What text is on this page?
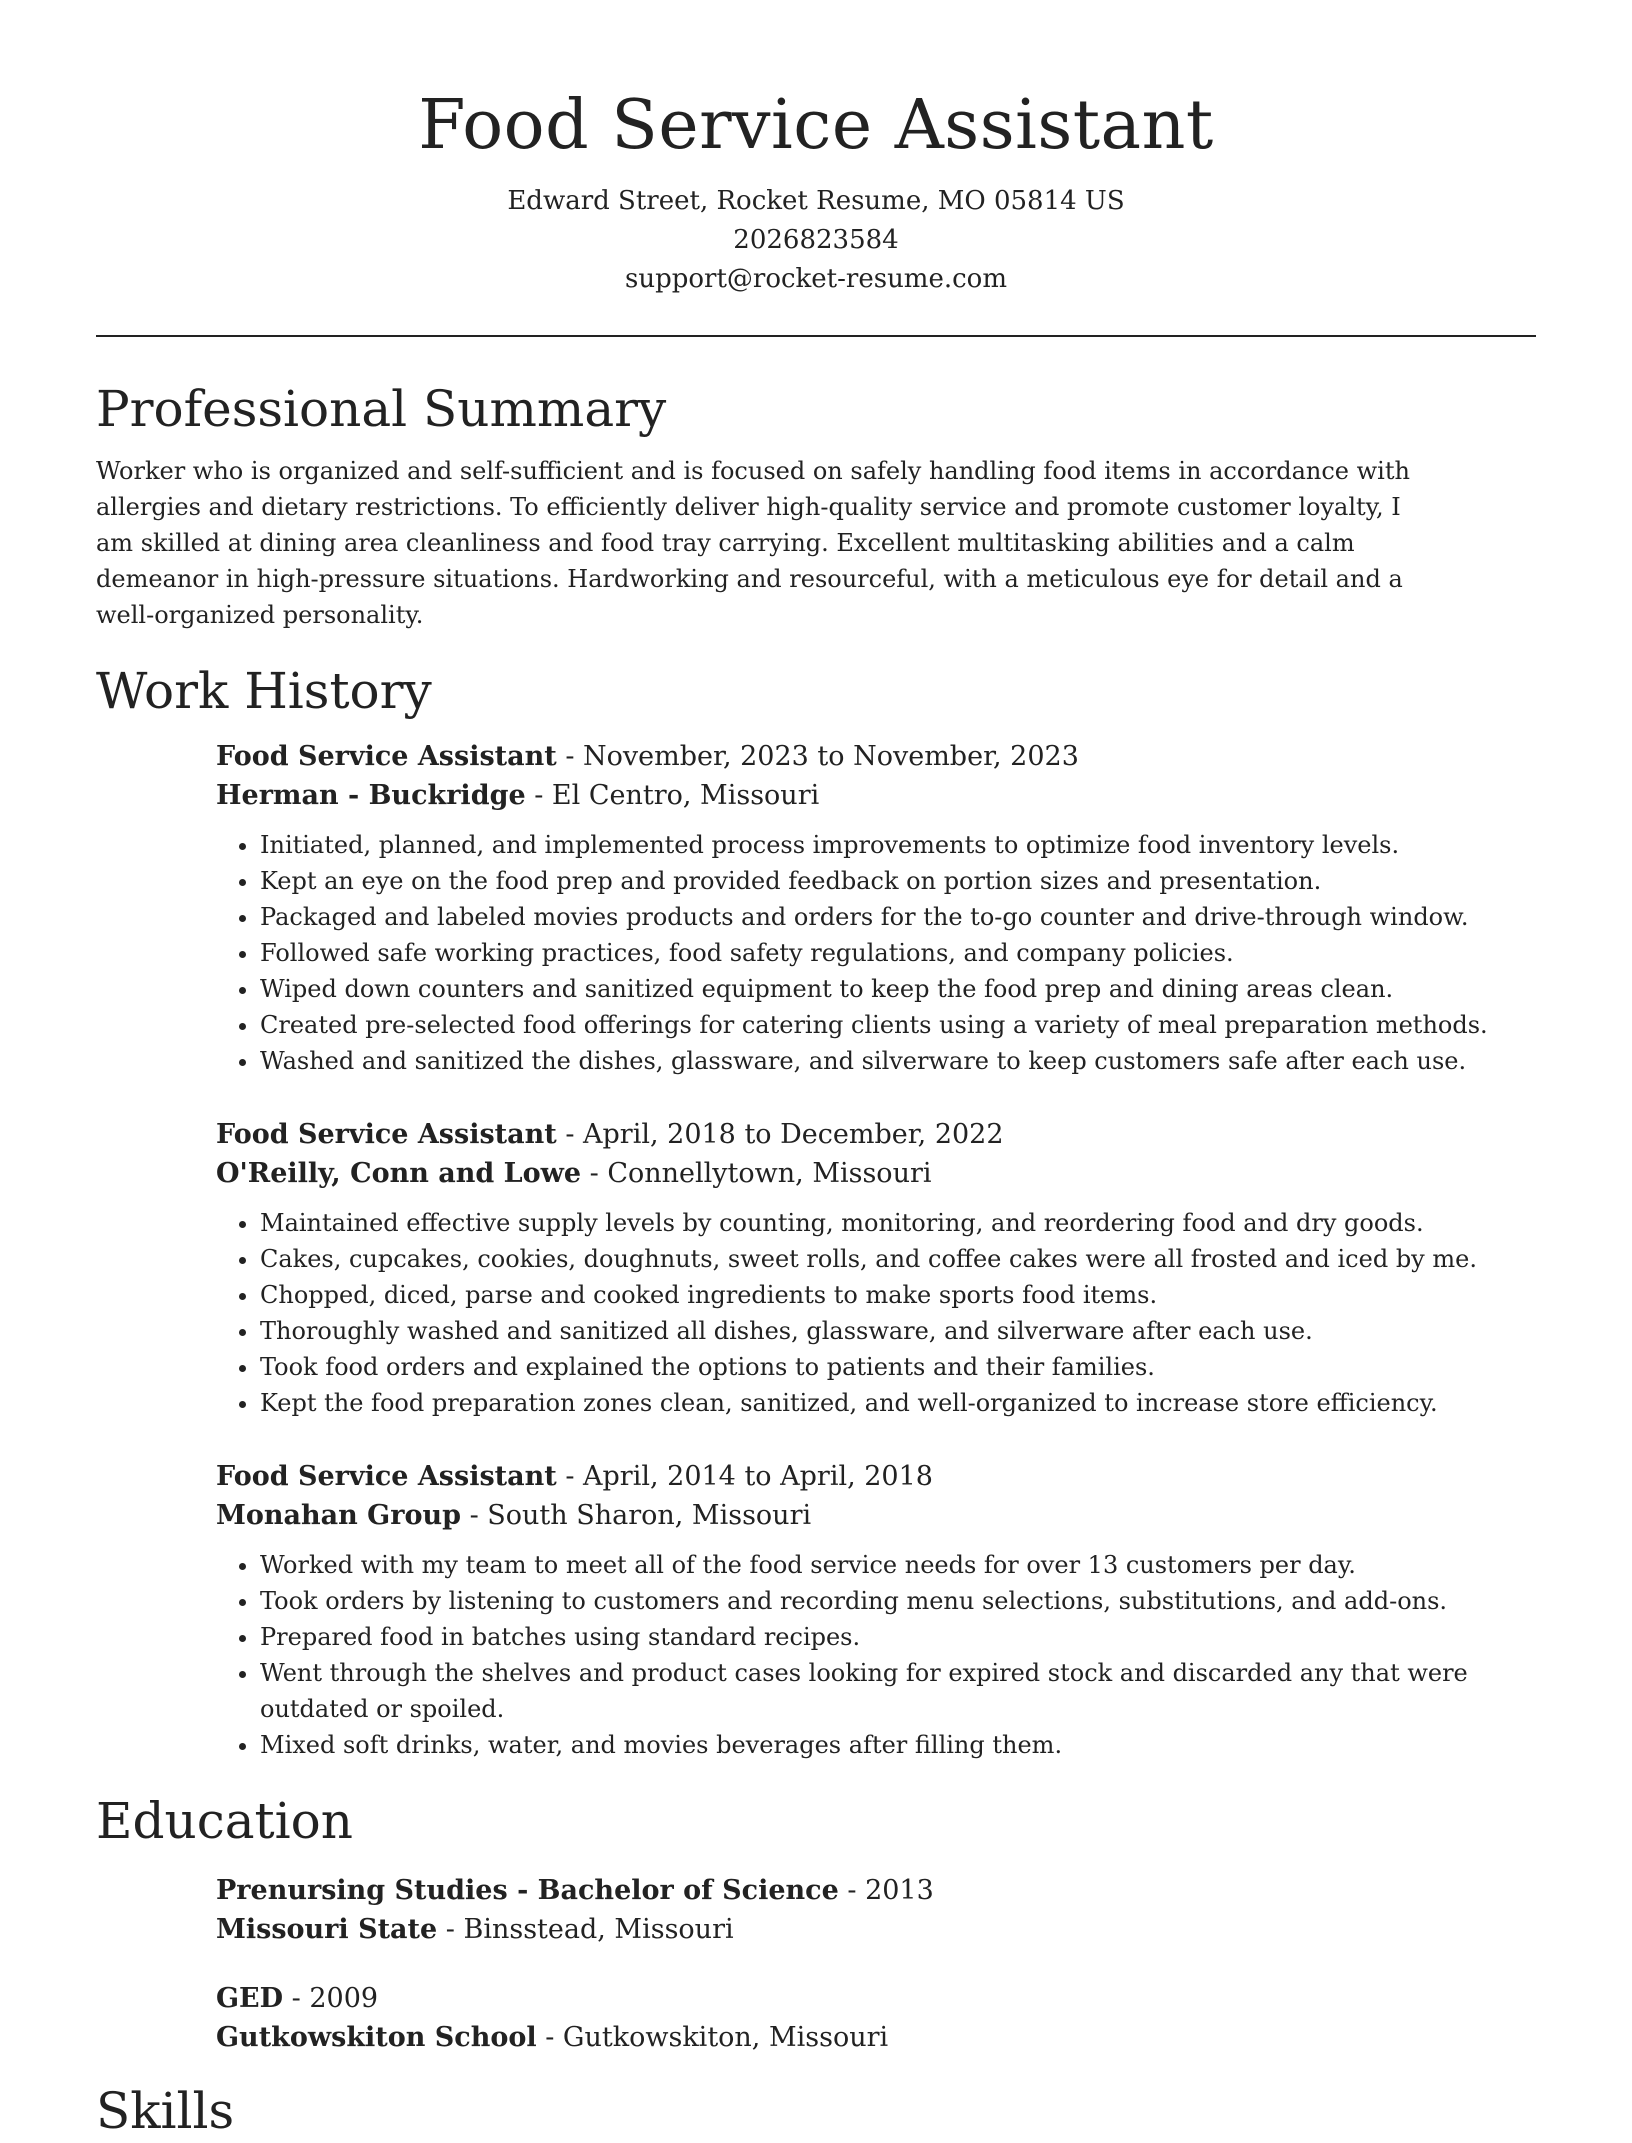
Food Service Assistant
Edward Street, Rocket Resume, MO 05814 US
2026823584
support@rocket-resume.com
Professional Summary

Worker who is organized and self-sufficient and is focused on safely handling food items in accordance with allergies and dietary restrictions. To efficiently deliver high-quality service and promote customer loyalty, I am skilled at dining area cleanliness and food tray carrying. Excellent multitasking abilities and a calm demeanor in high-pressure situations. Hardworking and resourceful, with a meticulous eye for detail and a well-organized personality.

Work History
Food Service Assistant - November, 2023 to November, 2023
Herman - Buckridge - El Centro, Missouri
• Initiated, planned, and implemented process improvements to optimize food inventory levels.
• Kept an eye on the food prep and provided feedback on portion sizes and presentation.
• Packaged and labeled movies products and orders for the to-go counter and drive-through window.
• Followed safe working practices, food safety regulations, and company policies.
• Wiped down counters and sanitized equipment to keep the food prep and dining areas clean.
• Created pre-selected food offerings for catering clients using a variety of meal preparation methods.
• Washed and sanitized the dishes, glassware, and silverware to keep customers safe after each use.
Food Service Assistant - April, 2018 to December, 2022
O'Reilly, Conn and Lowe - Connellytown, Missouri
• Maintained effective supply levels by counting, monitoring, and reordering food and dry goods.
• Cakes, cupcakes, cookies, doughnuts, sweet rolls, and coffee cakes were all frosted and iced by me.
• Chopped, diced, parse and cooked ingredients to make sports food items.
• Thoroughly washed and sanitized all dishes, glassware, and silverware after each use.
• Took food orders and explained the options to patients and their families.
• Kept the food preparation zones clean, sanitized, and well-organized to increase store efficiency.
Food Service Assistant - April, 2014 to April, 2018
Monahan Group - South Sharon, Missouri
• Worked with my team to meet all of the food service needs for over 13 customers per day.
• Took orders by listening to customers and recording menu selections, substitutions, and add-ons.
• Prepared food in batches using standard recipes.
• Went through the shelves and product cases looking for expired stock and discarded any that were outdated or spoiled.
• Mixed soft drinks, water, and movies beverages after filling them.
Education
Prenursing Studies - Bachelor of Science - 2013
Missouri State - Binsstead, Missouri
GED - 2009
Gutkowskiton School - Gutkowskiton, Missouri
Skills
